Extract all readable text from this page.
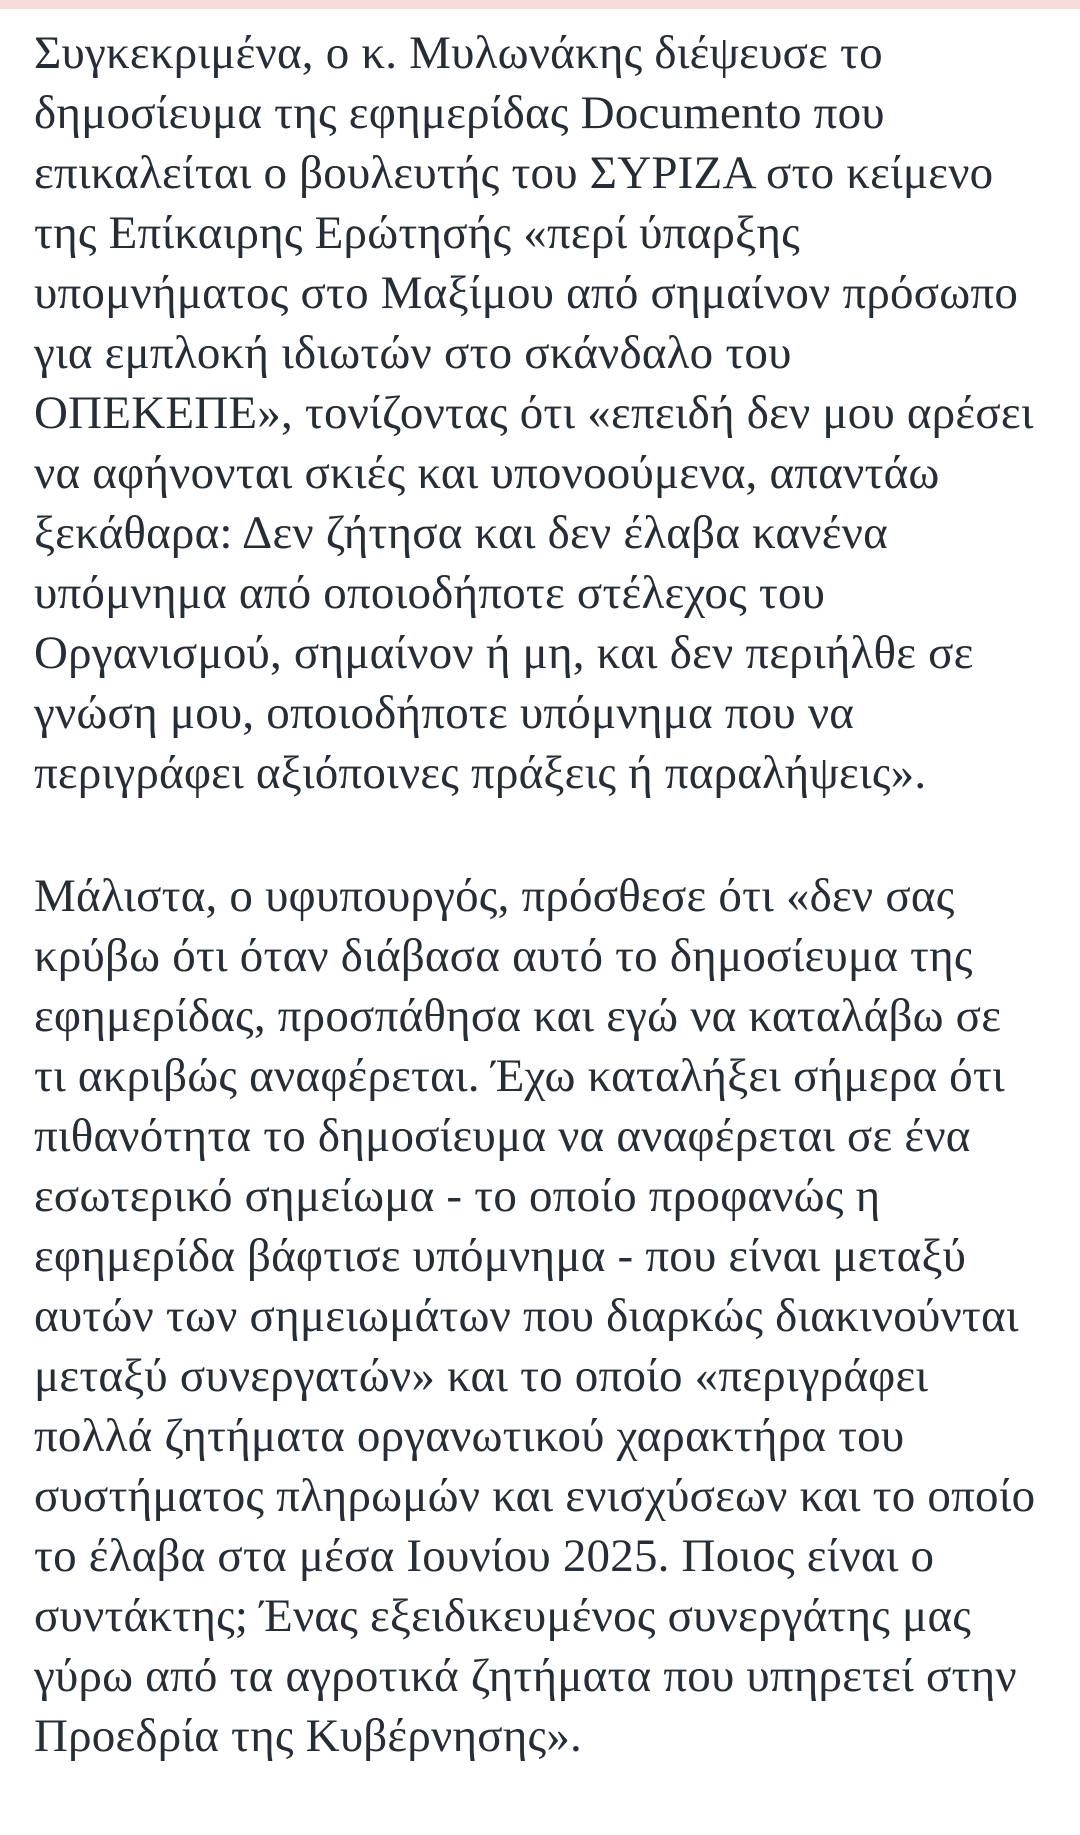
Συγκεκριμένα, ο κ. Μυλωνάκης διέψευσε το δημοσίευμα της εφημερίδας Documento που επικαλείται ο βουλευτής του ΣΥΡΙΖΑ στο κείμενο της Επίκαιρης Ερώτησής «περί ύπαρξης υπομνήματος στο Μαξίμου από σημαίνον πρόσωπο για εμπλοκή ιδιωτών στο σκάνδαλο του ΟΠΕΚΕΠΕ», τονίζοντας ότι «επειδή δεν μου αρέσει να αφήνονται σκιές και υπονοούμενα, απαντάω ξεκάθαρα: Δεν ζήτησα και δεν έλαβα κανένα υπόμνημα από οποιοδήποτε στέλεχος του Οργανισμού, σημαίνον ή μη, και δεν περιήλθε σε γνώση μου, οποιοδήποτε υπόμνημα που να περιγράφει αξιόποινες πράξεις ή παραλήψεις».

Μάλιστα, ο υφυπουργός, πρόσθεσε ότι «δεν σας κρύβω ότι όταν διάβασα αυτό το δημοσίευμα της εφημερίδας, προσπάθησα και εγώ να καταλάβω σε τι ακριβώς αναφέρεται. Έχω καταλήξει σήμερα ότι πιθανότητα το δημοσίευμα να αναφέρεται σε ένα εσωτερικό σημείωμα - το οποίο προφανώς η εφημερίδα βάφτισε υπόμνημα - που είναι μεταξύ αυτών των σημειωμάτων που διαρκώς διακινούνται μεταξύ συνεργατών» και το οποίο «περιγράφει πολλά ζητήματα οργανωτικού χαρακτήρα του συστήματος πληρωμών και ενισχύσεων και το οποίο το έλαβα στα μέσα Ιουνίου 2025. Ποιος είναι ο συντάκτης; Ένας εξειδικευμένος συνεργάτης μας γύρω από τα αγροτικά ζητήματα που υπηρετεί στην Προεδρία της Κυβέρνησης».
